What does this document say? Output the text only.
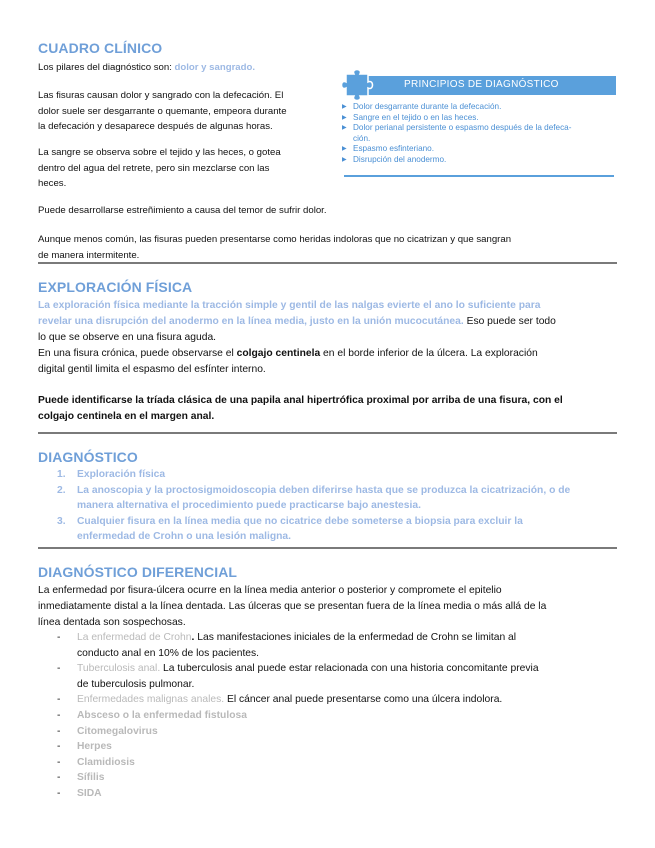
CUADRO CLÍNICO

Los pilares del diagnóstico son: dolor y sangrado.

Las fisuras causan dolor y sangrado con la defecación. El
dolor suele ser desgarrante o quemante, empeora durante
la defecación y desaparece después de algunas horas.

La sangre se observa sobre el tejido y las heces, o gotea
dentro del agua del retrete, pero sin mezclarse con las
heces.

Puede desarrollarse estreñimiento a causa del temor de sufrir dolor.

Aunque menos común, las fisuras pueden presentarse como heridas indoloras que no cicatrizan y que sangran
de manera intermitente.

PRINCIPIOS DE DIAGNÓSTICO
▶ Dolor desgarrante durante la defecación.
▶ Sangre en el tejido o en las heces.
▶ Dolor perianal persistente o espasmo después de la defeca-
ción.
▶ Espasmo esfinteriano.
▶ Disrupción del anodermo.
EXPLORACIÓN FÍSICA

La exploración física mediante la tracción simple y gentil de las nalgas evierte el ano lo suficiente para
revelar una disrupción del anodermo en la línea media, justo en la unión mucocutánea. Eso puede ser todo
lo que se observe en una fisura aguda.
En una fisura crónica, puede observarse el colgajo centinela en el borde inferior de la úlcera. La exploración
digital gentil limita el espasmo del esfínter interno.

Puede identificarse la tríada clásica de una papila anal hipertrófica proximal por arriba de una fisura, con el
colgajo centinela en el margen anal.

DIAGNÓSTICO
1. Exploración física
2. La anoscopia y la proctosigmoidoscopia deben diferirse hasta que se produzca la cicatrización, o de
manera alternativa el procedimiento puede practicarse bajo anestesia.
3. Cualquier fisura en la línea media que no cicatrice debe someterse a biopsia para excluir la
enfermedad de Crohn o una lesión maligna.
DIAGNÓSTICO DIFERENCIAL

La enfermedad por fisura-úlcera ocurre en la línea media anterior o posterior y compromete el epitelio
inmediatamente distal a la línea dentada. Las úlceras que se presentan fuera de la línea media o más allá de la
línea dentada son sospechosas.

- La enfermedad de Crohn. Las manifestaciones iniciales de la enfermedad de Crohn se limitan al
conducto anal en 10% de los pacientes.
- Tuberculosis anal. La tuberculosis anal puede estar relacionada con una historia concomitante previa
de tuberculosis pulmonar.
- Enfermedades malignas anales. El cáncer anal puede presentarse como una úlcera indolora.
- Absceso o la enfermedad fistulosa
- Citomegalovirus
- Herpes
- Clamidiosis
- Sífilis
- SIDA
